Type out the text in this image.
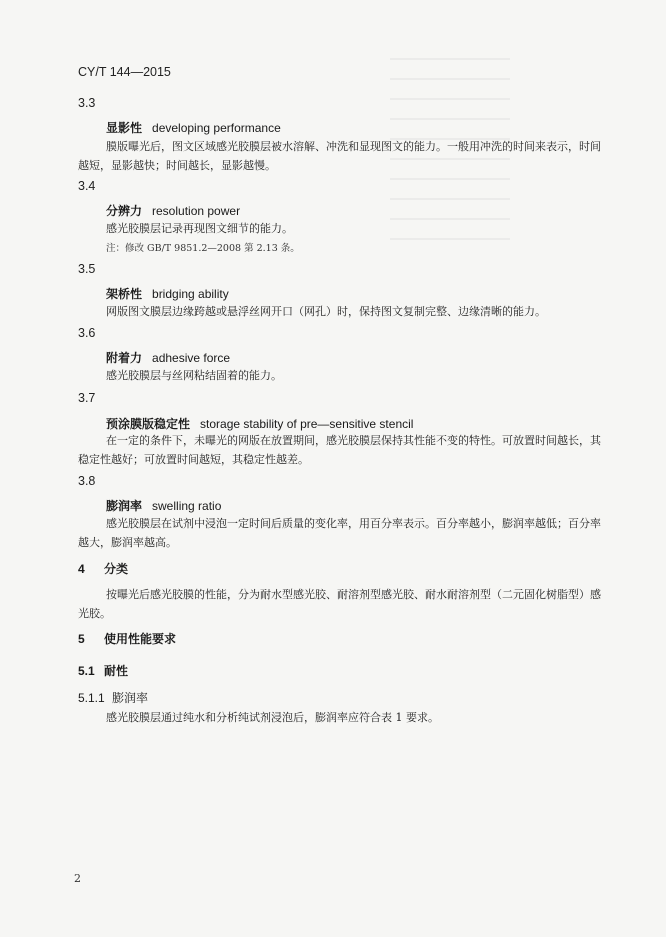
CY/T 144—2015
3.3
显影性 developing performance
膜版曝光后，图文区域感光胶膜层被水溶解、冲洗和显现图文的能力。一般用冲洗的时间来表示，时间越短，显影越快；时间越长，显影越慢。
3.4
分辨力 resolution power
感光胶膜层记录再现图文细节的能力。
注：修改 GB/T 9851.2—2008 第 2.13 条。
3.5
架桥性 bridging ability
网版图文膜层边缘跨越或悬浮丝网开口（网孔）时，保持图文复制完整、边缘清晰的能力。
3.6
附着力 adhesive force
感光胶膜层与丝网粘结固着的能力。
3.7
预涂膜版稳定性 storage stability of pre—sensitive stencil
在一定的条件下，未曝光的网版在放置期间，感光胶膜层保持其性能不变的特性。可放置时间越长，其稳定性越好；可放置时间越短，其稳定性越差。
3.8
膨润率 swelling ratio
感光胶膜层在试剂中浸泡一定时间后质量的变化率，用百分率表示。百分率越小，膨润率越低；百分率越大，膨润率越高。
4 分类
按曝光后感光胶膜的性能，分为耐水型感光胶、耐溶剂型感光胶、耐水耐溶剂型（二元固化树脂型）感光胶。
5 使用性能要求
5.1 耐性
5.1.1 膨润率
感光胶膜层通过纯水和分析纯试剂浸泡后，膨润率应符合表 1 要求。
2
